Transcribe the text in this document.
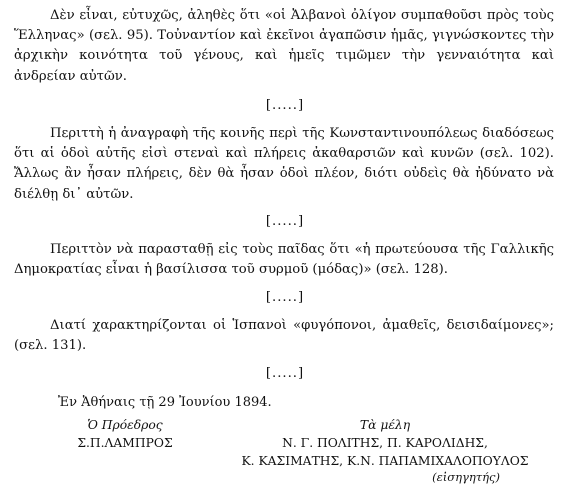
Δὲν εἶναι, εὐτυχῶς, ἀληθὲς ὅτι «οἱ Ἀλβανοὶ ὀλίγον συμπαθοῦσι πρὸς τοὺς Ἕλληνας» (σελ. 95). Τοὐναντίον καὶ ἐκεῖνοι ἀγαπῶσιν ἡμᾶς, γιγνώσκοντες τὴν ἀρχικὴν κοινότητα τοῦ γένους, καὶ ἡμεῖς τιμῶμεν τὴν γενναιότητα καὶ ἀνδρείαν αὐτῶν.

[.....]

Περιττὴ ἡ ἀναγραφὴ τῆς κοινῆς περὶ τῆς Κωνσταντινουπόλεως διαδόσεως ὅτι αἱ ὁδοὶ αὐτῆς εἰσὶ στεναὶ καὶ πλήρεις ἀκαθαρσιῶν καὶ κυνῶν (σελ. 102). Ἄλλως ἂν ἦσαν πλήρεις, δὲν θὰ ἦσαν ὁδοὶ πλέον, διότι οὐδεὶς θὰ ἠδύνατο νὰ διέλθῃ δι᾽ αὐτῶν.

[.....]

Περιττὸν νὰ παρασταθῇ εἰς τοὺς παῖδας ὅτι «ἡ πρωτεύουσα τῆς Γαλλικῆς Δημοκρατίας εἶναι ἡ βασίλισσα τοῦ συρμοῦ (μόδας)» (σελ. 128).

[.....]

Διατί χαρακτηρίζονται οἱ Ἱσπανοὶ «φυγόπονοι, ἀμαθεῖς, δεισιδαίμονες»; (σελ. 131).

[.....]

Ἐν Ἀθήναις τῇ 29 Ἰουνίου 1894.

Ὁ Πρόεδρος
Σ.Π.ΛΑΜΠΡΟΣ
Τὰ μέλη
Ν. Γ. ΠΟΛΙΤΗΣ, Π. ΚΑΡΟΛΙΔΗΣ,
Κ. ΚΑΣΙΜΑΤΗΣ, Κ.Ν. ΠΑΠΑΜΙΧΑΛΟΠΟΥΛΟΣ
(εἰσηγητής)
